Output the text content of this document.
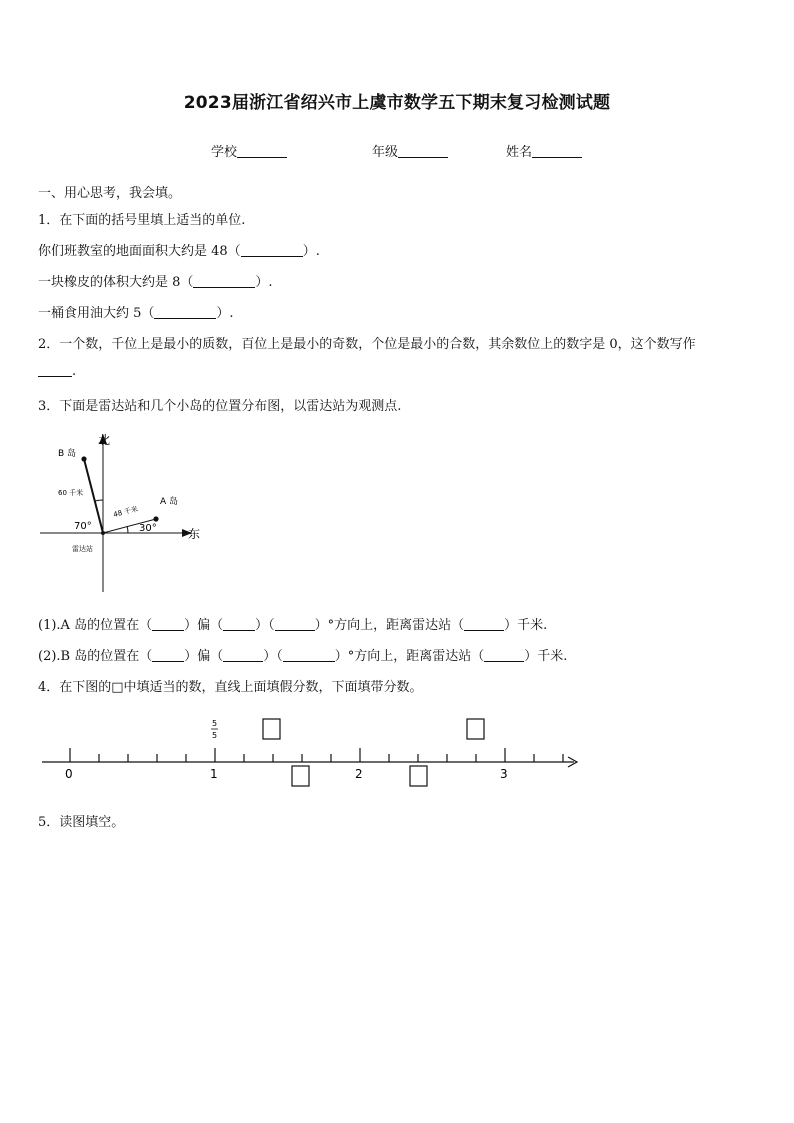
2023届浙江省绍兴市上虞市数学五下期末复习检测试题
学校	年级	姓名
一、用心思考，我会填。
1．在下面的括号里填上适当的单位.
你们班教室的地面面积大约是 48（	）.
一块橡皮的体积大约是 8（	）.
一桶食用油大约 5（	）.
2．一个数，千位上是最小的质数，百位上是最小的奇数，个位是最小的合数，其余数位上的数字是 0，这个数写作
.
3．下面是雷达站和几个小岛的位置分布图，以雷达站为观测点.
北
东
B 岛
A 岛
60 千米
48 千米
70°	30°
雷达站
(1).A 岛的位置在（ ）偏（ ）（	）°方向上，距离雷达站（	）千米.
(2).B 岛的位置在（ ）偏（	）（	）°方向上，距离雷达站（	）千米.
4．在下图的□中填适当的数，直线上面填假分数，下面填带分数。
0	1	2	3
5
5
5．读图填空。
